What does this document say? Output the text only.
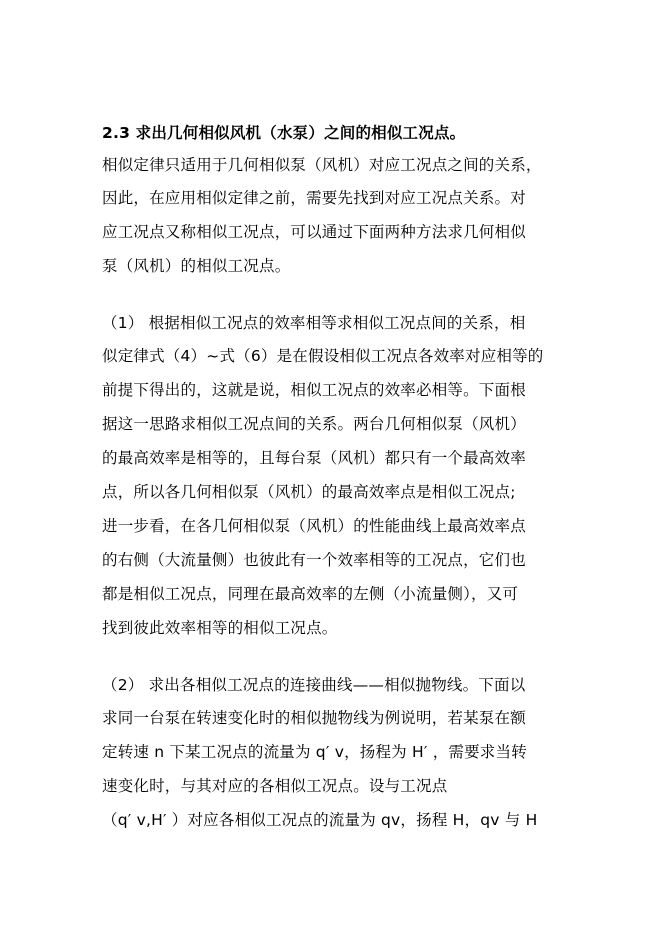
2.3 求出几何相似风机（水泵）之间的相似工况点。
相似定律只适用于几何相似泵（风机）对应工况点之间的关系，
因此，在应用相似定律之前，需要先找到对应工况点关系。对
应工况点又称相似工况点，可以通过下面两种方法求几何相似
泵（风机）的相似工况点。
（1） 根据相似工况点的效率相等求相似工况点间的关系，相
似定律式（4）~式（6）是在假设相似工况点各效率对应相等的
前提下得出的，这就是说，相似工况点的效率必相等。下面根
据这一思路求相似工况点间的关系。两台几何相似泵（风机）
的最高效率是相等的，且每台泵（风机）都只有一个最高效率
点，所以各几何相似泵（风机）的最高效率点是相似工况点;
进一步看，在各几何相似泵（风机）的性能曲线上最高效率点
的右侧（大流量侧）也彼此有一个效率相等的工况点，它们也
都是相似工况点，同理在最高效率的左侧（小流量侧），又可
找到彼此效率相等的相似工况点。
（2） 求出各相似工况点的连接曲线——相似抛物线。下面以
求同一台泵在转速变化时的相似抛物线为例说明，若某泵在额
定转速 n 下某工况点的流量为 q′ v，扬程为 H′ ，需要求当转
速变化时，与其对应的各相似工况点。设与工况点
（q′ v,H′ ）对应各相似工况点的流量为 qv，扬程 H，qv 与 H
